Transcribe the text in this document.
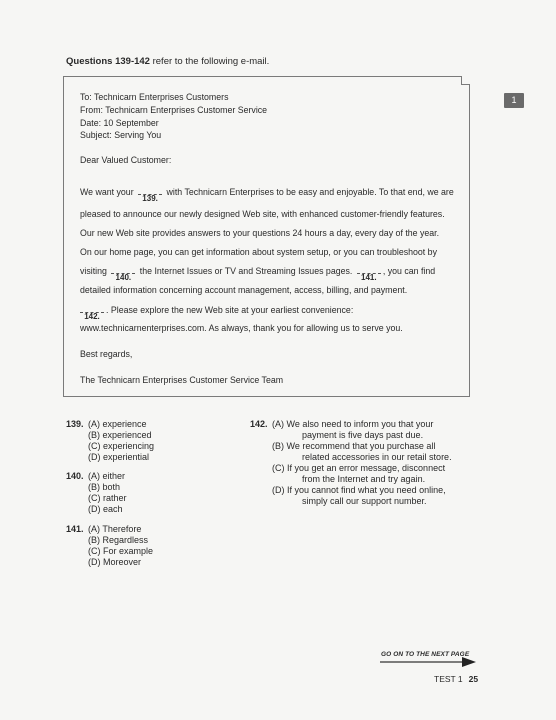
Questions 139-142 refer to the following e-mail.
1
To: Technicarn Enterprises Customers
From: Technicarn Enterprises Customer Service
Date: 10 September
Subject: Serving You
Dear Valued Customer:
We want your
139.
with Technicarn Enterprises to be easy and enjoyable. To that end, we are
pleased to announce our newly designed Web site, with enhanced customer-friendly features.
Our new Web site provides answers to your questions 24 hours a day, every day of the year.
On our home page, you can get information about system setup, or you can troubleshoot by
visiting
140.
the Internet Issues or TV and Streaming Issues pages.
141.
, you can find
detailed information concerning account management, access, billing, and payment.
142.
. Please explore the new Web site at your earliest convenience:
www.technicarnenterprises.com. As always, thank you for allowing us to serve you.
Best regards,
The Technicarn Enterprises Customer Service Team
139. (A) experience
(B) experienced
(C) experiencing
(D) experiential
140. (A) either
(B) both
(C) rather
(D) each
141. (A) Therefore
(B) Regardless
(C) For example
(D) Moreover
142. (A) We also need to inform you that your
payment is five days past due.
(B) We recommend that you purchase all
related accessories in our retail store.
(C) If you get an error message, disconnect
from the Internet and try again.
(D) If you cannot find what you need online,
simply call our support number.
GO ON TO THE NEXT PAGE
TEST 1 25
